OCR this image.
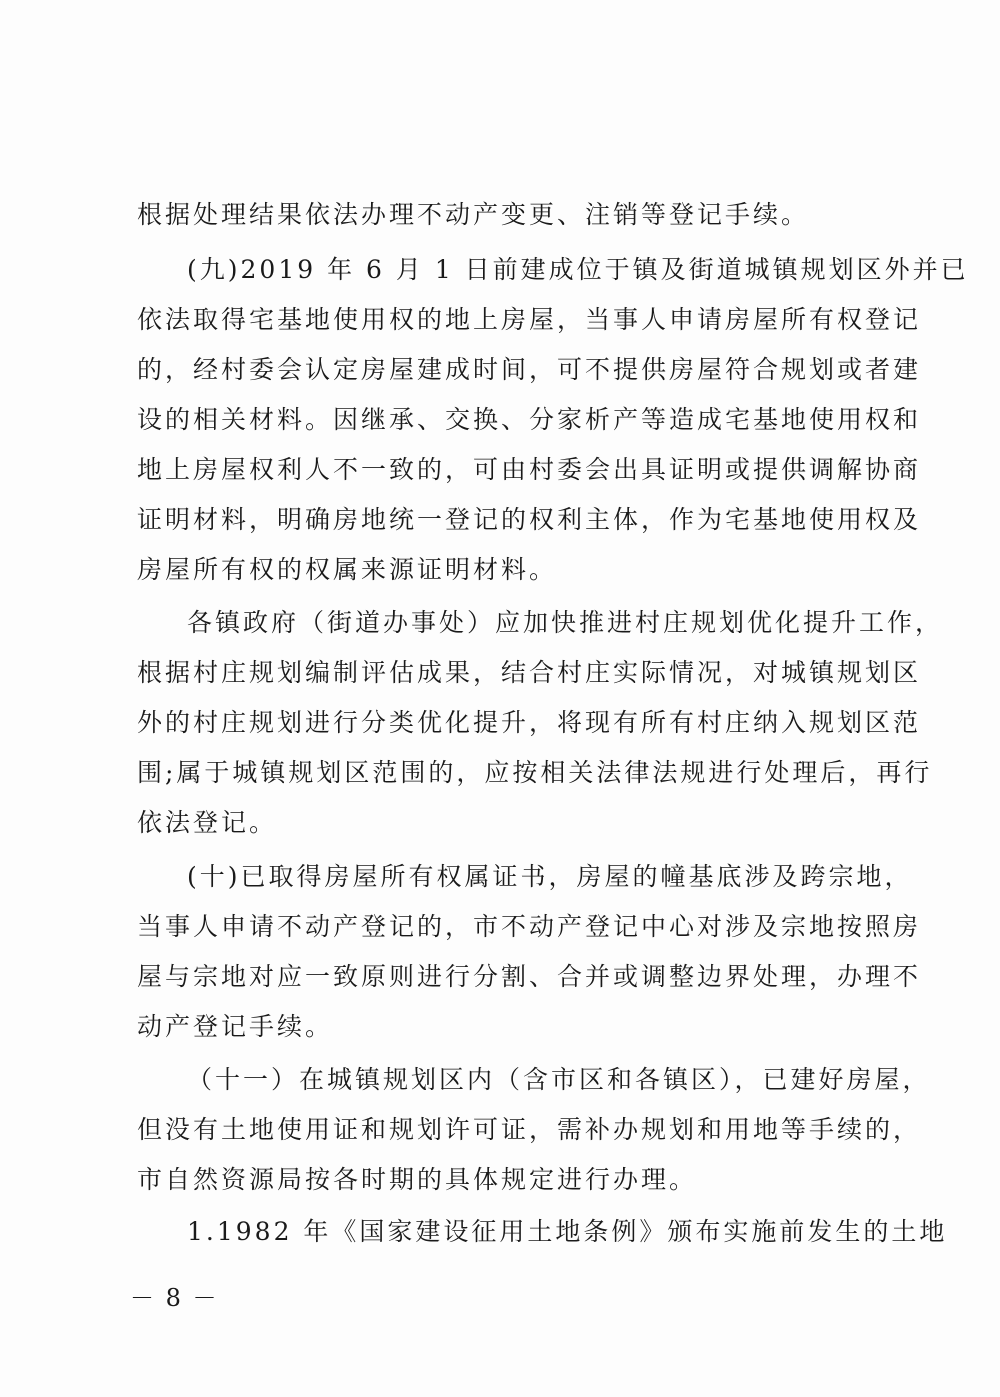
根据处理结果依法办理不动产变更、注销等登记手续。
(九)2019 年 6 月 1 日前建成位于镇及街道城镇规划区外并已
依法取得宅基地使用权的地上房屋，当事人申请房屋所有权登记
的，经村委会认定房屋建成时间，可不提供房屋符合规划或者建
设的相关材料。因继承、交换、分家析产等造成宅基地使用权和
地上房屋权利人不一致的，可由村委会出具证明或提供调解协商
证明材料，明确房地统一登记的权利主体，作为宅基地使用权及
房屋所有权的权属来源证明材料。
各镇政府（街道办事处）应加快推进村庄规划优化提升工作，
根据村庄规划编制评估成果，结合村庄实际情况，对城镇规划区
外的村庄规划进行分类优化提升，将现有所有村庄纳入规划区范
围;属于城镇规划区范围的，应按相关法律法规进行处理后，再行
依法登记。
(十)已取得房屋所有权属证书，房屋的幢基底涉及跨宗地，
当事人申请不动产登记的，市不动产登记中心对涉及宗地按照房
屋与宗地对应一致原则进行分割、合并或调整边界处理，办理不
动产登记手续。
（十一）在城镇规划区内（含市区和各镇区），已建好房屋，
但没有土地使用证和规划许可证，需补办规划和用地等手续的，
市自然资源局按各时期的具体规定进行办理。
1.1982 年《国家建设征用土地条例》颁布实施前发生的土地
－ 8 －
